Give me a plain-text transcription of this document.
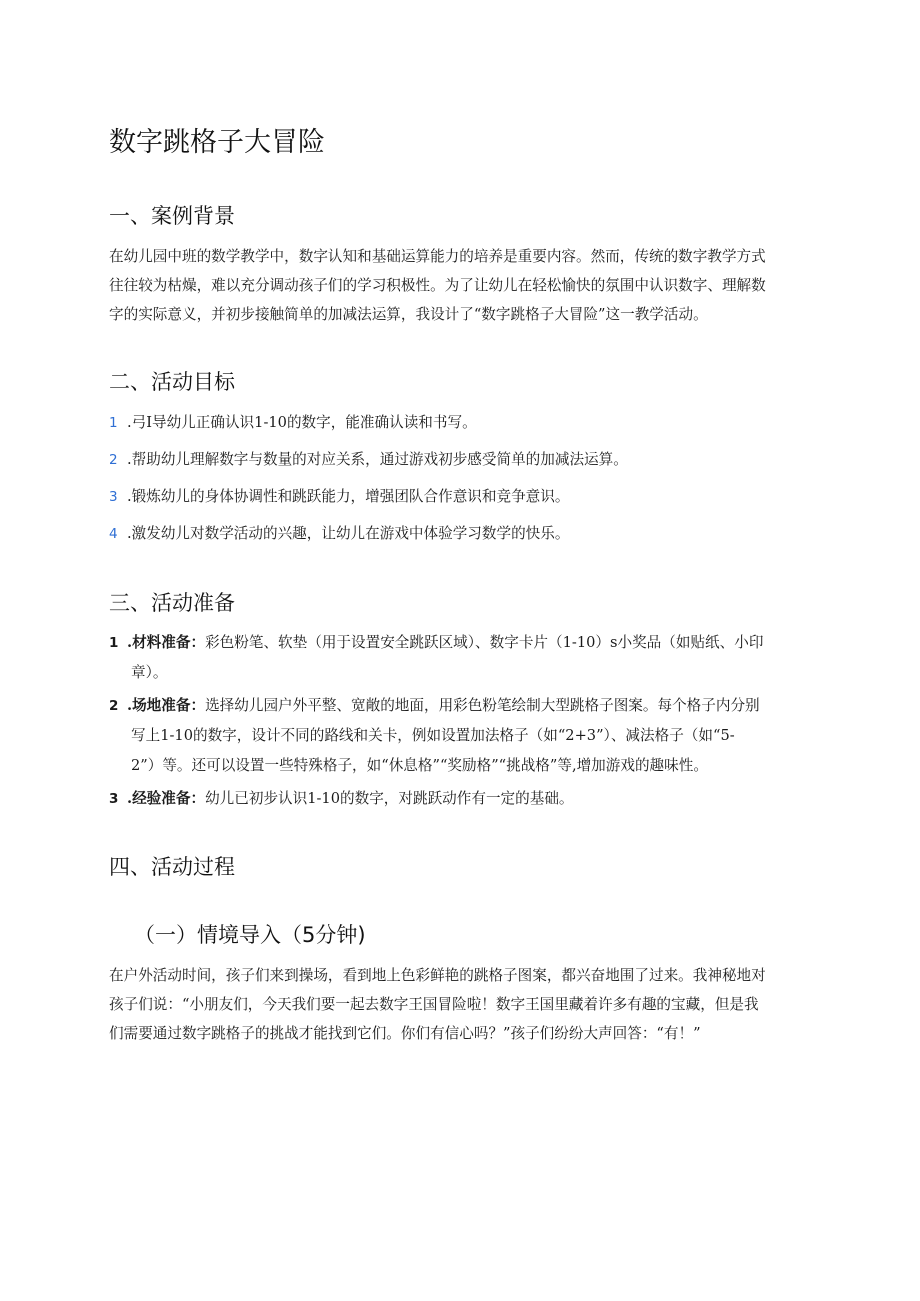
数字跳格子大冒险
一、案例背景
在幼儿园中班的数学教学中，数字认知和基础运算能力的培养是重要内容。然而，传统的数字教学方式
往往较为枯燥，难以充分调动孩子们的学习积极性。为了让幼儿在轻松愉快的氛围中认识数字、理解数
字的实际意义，并初步接触简单的加减法运算，我设计了“数字跳格子大冒险”这一教学活动。
二、活动目标
1 .弓I导幼儿正确认识1-10的数字，能准确认读和书写。
2 .帮助幼儿理解数字与数量的对应关系，通过游戏初步感受简单的加减法运算。
3 .锻炼幼儿的身体协调性和跳跃能力，增强团队合作意识和竞争意识。
4 .激发幼儿对数学活动的兴趣，让幼儿在游戏中体验学习数学的快乐。
三、活动准备
1 .材料准备：彩色粉笔、软垫（用于设置安全跳跃区域）、数字卡片（1-10）s小奖品（如贴纸、小印
章）。
2 .场地准备：选择幼儿园户外平整、宽敞的地面，用彩色粉笔绘制大型跳格子图案。每个格子内分别
写上1-10的数字，设计不同的路线和关卡，例如设置加法格子（如“2+3”）、减法格子（如“5-
2”）等。还可以设置一些特殊格子，如“休息格”“奖励格”“挑战格”等,增加游戏的趣味性。
3 .经验准备：幼儿已初步认识1-10的数字，对跳跃动作有一定的基础。
四、活动过程
（一）情境导入（5分钟)
在户外活动时间，孩子们来到操场，看到地上色彩鲜艳的跳格子图案，都兴奋地围了过来。我神秘地对
孩子们说：“小朋友们，今天我们要一起去数字王国冒险啦！数字王国里藏着许多有趣的宝藏，但是我
们需要通过数字跳格子的挑战才能找到它们。你们有信心吗？”孩子们纷纷大声回答：“有！”
